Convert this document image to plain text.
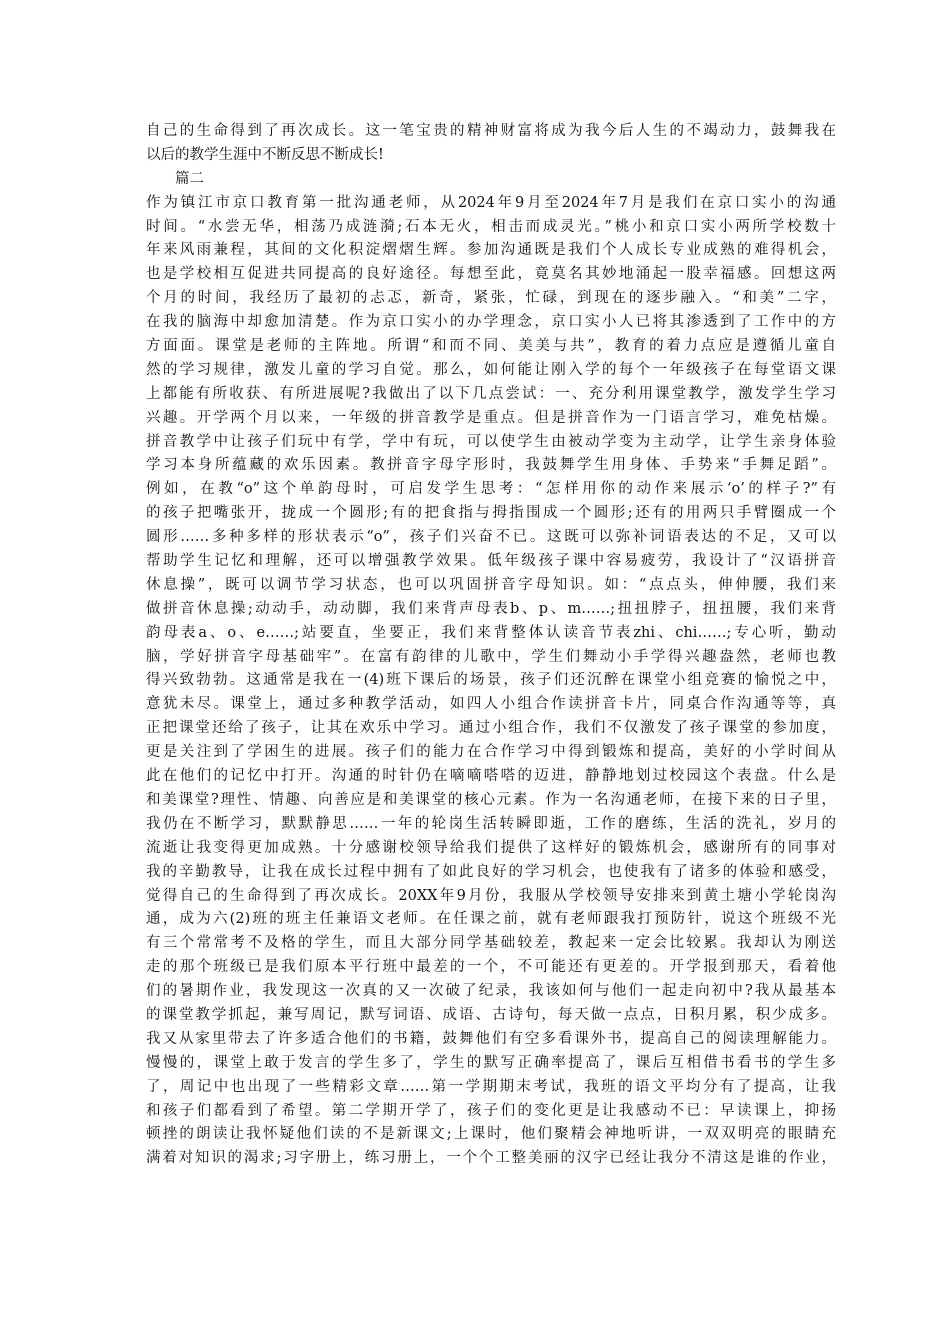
自己的生命得到了再次成长。这一笔宝贵的精神财富将成为我今后人生的不竭动力，鼓舞我在
以后的教学生涯中不断反思不断成长!
篇二
作为镇江市京口教育第一批沟通老师，从2024年9月至2024年7月是我们在京口实小的沟通
时间。“水尝无华，相荡乃成涟漪;石本无火，相击而成灵光。”桃小和京口实小两所学校数十
年来风雨兼程，其间的文化积淀熠熠生辉。参加沟通既是我们个人成长专业成熟的难得机会，
也是学校相互促进共同提高的良好途径。每想至此，竟莫名其妙地涌起一股幸福感。回想这两
个月的时间，我经历了最初的忐忑，新奇，紧张，忙碌，到现在的逐步融入。“和美”二字，
在我的脑海中却愈加清楚。作为京口实小的办学理念，京口实小人已将其渗透到了工作中的方
方面面。课堂是老师的主阵地。所谓“和而不同、美美与共”，教育的着力点应是遵循儿童自
然的学习规律，激发儿童的学习自觉。那么，如何能让刚入学的每个一年级孩子在每堂语文课
上都能有所收获、有所进展呢?我做出了以下几点尝试：一、充分利用课堂教学，激发学生学习
兴趣。开学两个月以来，一年级的拼音教学是重点。但是拼音作为一门语言学习，难免枯燥。
拼音教学中让孩子们玩中有学，学中有玩，可以使学生由被动学变为主动学，让学生亲身体验
学习本身所蕴藏的欢乐因素。教拼音字母字形时，我鼓舞学生用身体、手势来“手舞足蹈”。
例如，在教“o”这个单韵母时，可启发学生思考：“怎样用你的动作来展示‘o’的样子?”有
的孩子把嘴张开，拢成一个圆形;有的把食指与拇指围成一个圆形;还有的用两只手臂圈成一个
圆形……多种多样的形状表示“o”，孩子们兴奋不已。这既可以弥补词语表达的不足，又可以
帮助学生记忆和理解，还可以增强教学效果。低年级孩子课中容易疲劳，我设计了“汉语拼音
休息操”，既可以调节学习状态，也可以巩固拼音字母知识。如：“点点头，伸伸腰，我们来
做拼音休息操;动动手，动动脚，我们来背声母表b、p、m……;扭扭脖子，扭扭腰，我们来背
韵母表a、o、e……;站要直，坐要正，我们来背整体认读音节表zhi、chi……;专心听，勤动
脑，学好拼音字母基础牢”。在富有韵律的儿歌中，学生们舞动小手学得兴趣盎然，老师也教
得兴致勃勃。这通常是我在一(4)班下课后的场景，孩子们还沉醉在课堂小组竞赛的愉悦之中，
意犹未尽。课堂上，通过多种教学活动，如四人小组合作读拼音卡片，同桌合作沟通等等，真
正把课堂还给了孩子，让其在欢乐中学习。通过小组合作，我们不仅激发了孩子课堂的参加度，
更是关注到了学困生的进展。孩子们的能力在合作学习中得到锻炼和提高，美好的小学时间从
此在他们的记忆中打开。沟通的时针仍在嘀嘀嗒嗒的迈进，静静地划过校园这个表盘。什么是
和美课堂?理性、情趣、向善应是和美课堂的核心元素。作为一名沟通老师，在接下来的日子里，
我仍在不断学习，默默静思……一年的轮岗生活转瞬即逝，工作的磨练，生活的洗礼，岁月的
流逝让我变得更加成熟。十分感谢校领导给我们提供了这样好的锻炼机会，感谢所有的同事对
我的辛勤教导，让我在成长过程中拥有了如此良好的学习机会，也使我有了诸多的体验和感受，
觉得自己的生命得到了再次成长。20XX年9月份，我服从学校领导安排来到黄土塘小学轮岗沟
通，成为六(2)班的班主任兼语文老师。在任课之前，就有老师跟我打预防针，说这个班级不光
有三个常常考不及格的学生，而且大部分同学基础较差，教起来一定会比较累。我却认为刚送
走的那个班级已是我们原本平行班中最差的一个，不可能还有更差的。开学报到那天，看着他
们的暑期作业，我发现这一次真的又一次破了纪录，我该如何与他们一起走向初中?我从最基本
的课堂教学抓起，兼写周记，默写词语、成语、古诗句，每天做一点点，日积月累，积少成多。
我又从家里带去了许多适合他们的书籍，鼓舞他们有空多看课外书，提高自己的阅读理解能力。
慢慢的，课堂上敢于发言的学生多了，学生的默写正确率提高了，课后互相借书看书的学生多
了，周记中也出现了一些精彩文章……第一学期期末考试，我班的语文平均分有了提高，让我
和孩子们都看到了希望。第二学期开学了，孩子们的变化更是让我感动不已：早读课上，抑扬
顿挫的朗读让我怀疑他们读的不是新课文;上课时，他们聚精会神地听讲，一双双明亮的眼睛充
满着对知识的渴求;习字册上，练习册上，一个个工整美丽的汉字已经让我分不清这是谁的作业，
